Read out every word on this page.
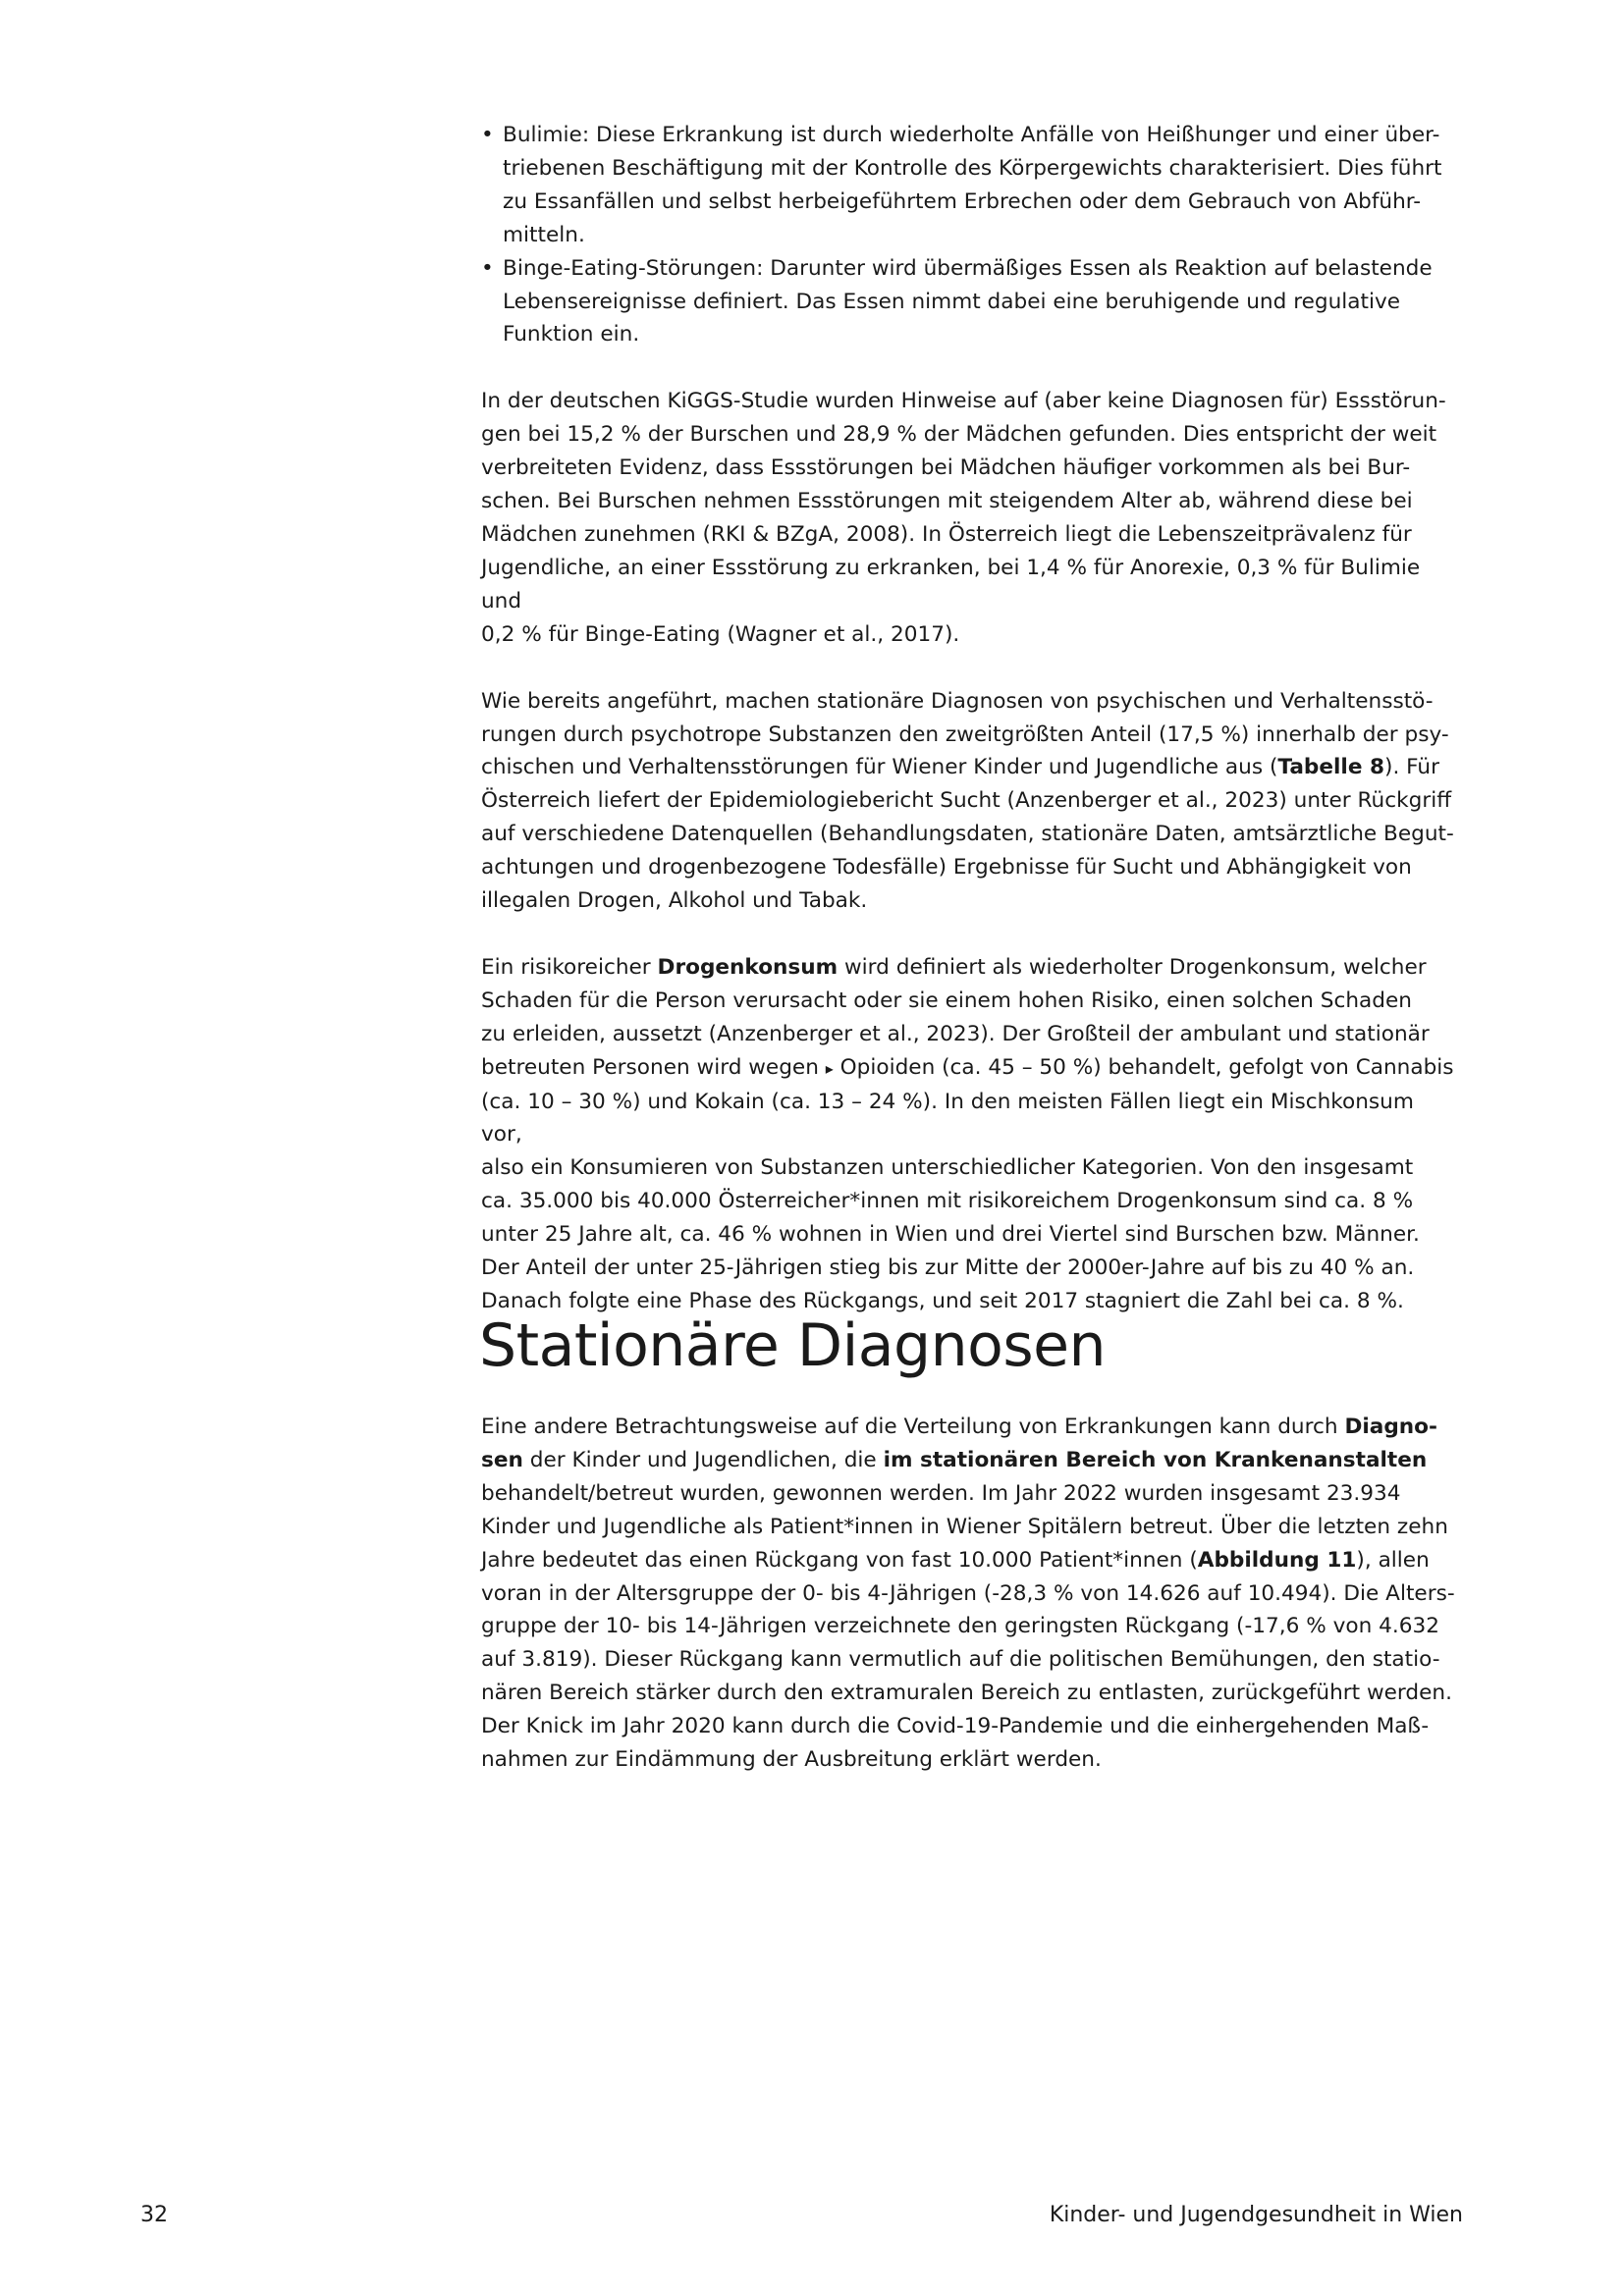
• Bulimie: Diese Erkrankung ist durch wiederholte Anfälle von Heißhunger und einer über-
triebenen Beschäftigung mit der Kontrolle des Körpergewichts charakterisiert. Dies führt
zu Essanfällen und selbst herbeigeführtem Erbrechen oder dem Gebrauch von Abführ-
mitteln.
• Binge-Eating-Störungen: Darunter wird übermäßiges Essen als Reaktion auf belastende
Lebensereignisse definiert. Das Essen nimmt dabei eine beruhigende und regulative
Funktion ein.
In der deutschen KiGGS-Studie wurden Hinweise auf (aber keine Diagnosen für) Essstörun-
gen bei 15,2 % der Burschen und 28,9 % der Mädchen gefunden. Dies entspricht der weit
verbreiteten Evidenz, dass Essstörungen bei Mädchen häufiger vorkommen als bei Bur-
schen. Bei Burschen nehmen Essstörungen mit steigendem Alter ab, während diese bei
Mädchen zunehmen (RKI & BZgA, 2008). In Österreich liegt die Lebenszeitprävalenz für
Jugendliche, an einer Essstörung zu erkranken, bei 1,4 % für Anorexie, 0,3 % für Bulimie und
0,2 % für Binge-Eating (Wagner et al., 2017).
Wie bereits angeführt, machen stationäre Diagnosen von psychischen und Verhaltensstö-
rungen durch psychotrope Substanzen den zweitgrößten Anteil (17,5 %) innerhalb der psy-
chischen und Verhaltensstörungen für Wiener Kinder und Jugendliche aus (Tabelle 8). Für
Österreich liefert der Epidemiologiebericht Sucht (Anzenberger et al., 2023) unter Rückgriff
auf verschiedene Datenquellen (Behandlungsdaten, stationäre Daten, amtsärztliche Begut-
achtungen und drogenbezogene Todesfälle) Ergebnisse für Sucht und Abhängigkeit von
illegalen Drogen, Alkohol und Tabak.
Ein risikoreicher Drogenkonsum wird definiert als wiederholter Drogenkonsum, welcher
Schaden für die Person verursacht oder sie einem hohen Risiko, einen solchen Schaden
zu erleiden, aussetzt (Anzenberger et al., 2023). Der Großteil der ambulant und stationär
betreuten Personen wird wegen ▸ Opioiden (ca. 45 – 50 %) behandelt, gefolgt von Cannabis
(ca. 10 – 30 %) und Kokain (ca. 13 – 24 %). In den meisten Fällen liegt ein Mischkonsum vor,
also ein Konsumieren von Substanzen unterschiedlicher Kategorien. Von den insgesamt
ca. 35.000 bis 40.000 Österreicher*innen mit risikoreichem Drogenkonsum sind ca. 8 %
unter 25 Jahre alt, ca. 46 % wohnen in Wien und drei Viertel sind Burschen bzw. Männer.
Der Anteil der unter 25-Jährigen stieg bis zur Mitte der 2000er-Jahre auf bis zu 40 % an.
Danach folgte eine Phase des Rückgangs, und seit 2017 stagniert die Zahl bei ca. 8 %.
Stationäre Diagnosen
Eine andere Betrachtungsweise auf die Verteilung von Erkrankungen kann durch Diagno-
sen der Kinder und Jugendlichen, die im stationären Bereich von Krankenanstalten
behandelt/betreut wurden, gewonnen werden. Im Jahr 2022 wurden insgesamt 23.934
Kinder und Jugendliche als Patient*innen in Wiener Spitälern betreut. Über die letzten zehn
Jahre bedeutet das einen Rückgang von fast 10.000 Patient*innen (Abbildung 11), allen
voran in der Altersgruppe der 0- bis 4-Jährigen (-28,3 % von 14.626 auf 10.494). Die Alters-
gruppe der 10- bis 14-Jährigen verzeichnete den geringsten Rückgang (-17,6 % von 4.632
auf 3.819). Dieser Rückgang kann vermutlich auf die politischen Bemühungen, den statio-
nären Bereich stärker durch den extramuralen Bereich zu entlasten, zurückgeführt werden.
Der Knick im Jahr 2020 kann durch die Covid-19-Pandemie und die einhergehenden Maß-
nahmen zur Eindämmung der Ausbreitung erklärt werden.
32	Kinder- und Jugendgesundheit in Wien
